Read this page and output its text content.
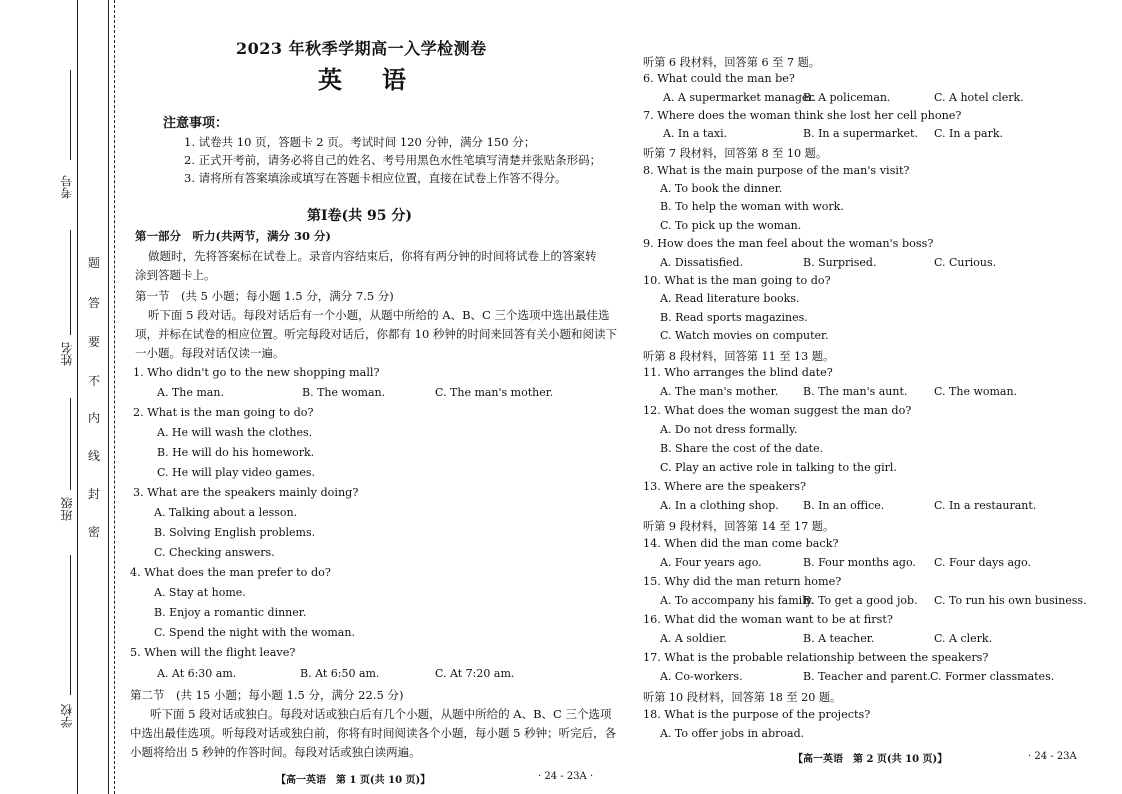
考号
姓名
班级
学校
题
答
要
不
内
线
封
密
2023 年秋季学期高一入学检测卷
英语
注意事项：
1. 试卷共 10 页，答题卡 2 页。考试时间 120 分钟，满分 150 分；
2. 正式开考前，请务必将自己的姓名、考号用黑色水性笔填写清楚并张贴条形码；
3. 请将所有答案填涂或填写在答题卡相应位置，直接在试卷上作答不得分。
第Ⅰ卷(共 95 分)
第一部分　听力(共两节，满分 30 分)
做题时，先将答案标在试卷上。录音内容结束后，你将有两分钟的时间将试卷上的答案转
涂到答题卡上。
第一节　(共 5 小题；每小题 1.5 分，满分 7.5 分)
听下面 5 段对话。每段对话后有一个小题，从题中所给的 A、B、C 三个选项中选出最佳选
项，并标在试卷的相应位置。听完每段对话后，你都有 10 秒钟的时间来回答有关小题和阅读下
一小题。每段对话仅读一遍。
1. Who didn't go to the new shopping mall?
A. The man.	B. The woman.	C. The man's mother.
2. What is the man going to do?
A. He will wash the clothes.
B. He will do his homework.
C. He will play video games.
3. What are the speakers mainly doing?
A. Talking about a lesson.
B. Solving English problems.
C. Checking answers.
4. What does the man prefer to do?
A. Stay at home.
B. Enjoy a romantic dinner.
C. Spend the night with the woman.
5. When will the flight leave?
A. At 6:30 am.	B. At 6:50 am.	C. At 7:20 am.
第二节　(共 15 小题；每小题 1.5 分，满分 22.5 分)
听下面 5 段对话或独白。每段对话或独白后有几个小题，从题中所给的 A、B、C 三个选项
中选出最佳选项。听每段对话或独白前，你将有时间阅读各个小题，每小题 5 秒钟；听完后，各
小题将给出 5 秒钟的作答时间。每段对话或独白读两遍。
【高一英语　第 1 页(共 10 页)】	· 24 - 23A ·
听第 6 段材料，回答第 6 至 7 题。
6. What could the man be?
A. A supermarket manager.
B. A policeman.	C. A hotel clerk.
7. Where does the woman think she lost her cell phone?
A. In a taxi.	B. In a supermarket. C. In a park.
听第 7 段材料，回答第 8 至 10 题。
8. What is the main purpose of the man's visit?
A. To book the dinner.
B. To help the woman with work.
C. To pick up the woman.
9. How does the man feel about the woman's boss?
A. Dissatisfied.	B. Surprised.	C. Curious.
10. What is the man going to do?
A. Read literature books.
B. Read sports magazines.
C. Watch movies on computer.
听第 8 段材料，回答第 11 至 13 题。
11. Who arranges the blind date?
A. The man's mother. B. The man's aunt. C. The woman.
12. What does the woman suggest the man do?
A. Do not dress formally.
B. Share the cost of the date.
C. Play an active role in talking to the girl.
13. Where are the speakers?
A. In a clothing shop. B. In an office.	C. In a restaurant.
听第 9 段材料，回答第 14 至 17 题。
14. When did the man come back?
A. Four years ago.	B. Four months ago. C. Four days ago.
15. Why did the man return home?
A. To accompany his family.
B. To get a good job. C. To run his own business.
16. What did the woman want to be at first?
A. A soldier.	B. A teacher.	C. A clerk.
17. What is the probable relationship between the speakers?
A. Co-workers.	B. Teacher and parent. C. Former classmates.
听第 10 段材料，回答第 18 至 20 题。
18. What is the purpose of the projects?
A. To offer jobs in abroad.
【高一英语　第 2 页(共 10 页)】	· 24 - 23A
